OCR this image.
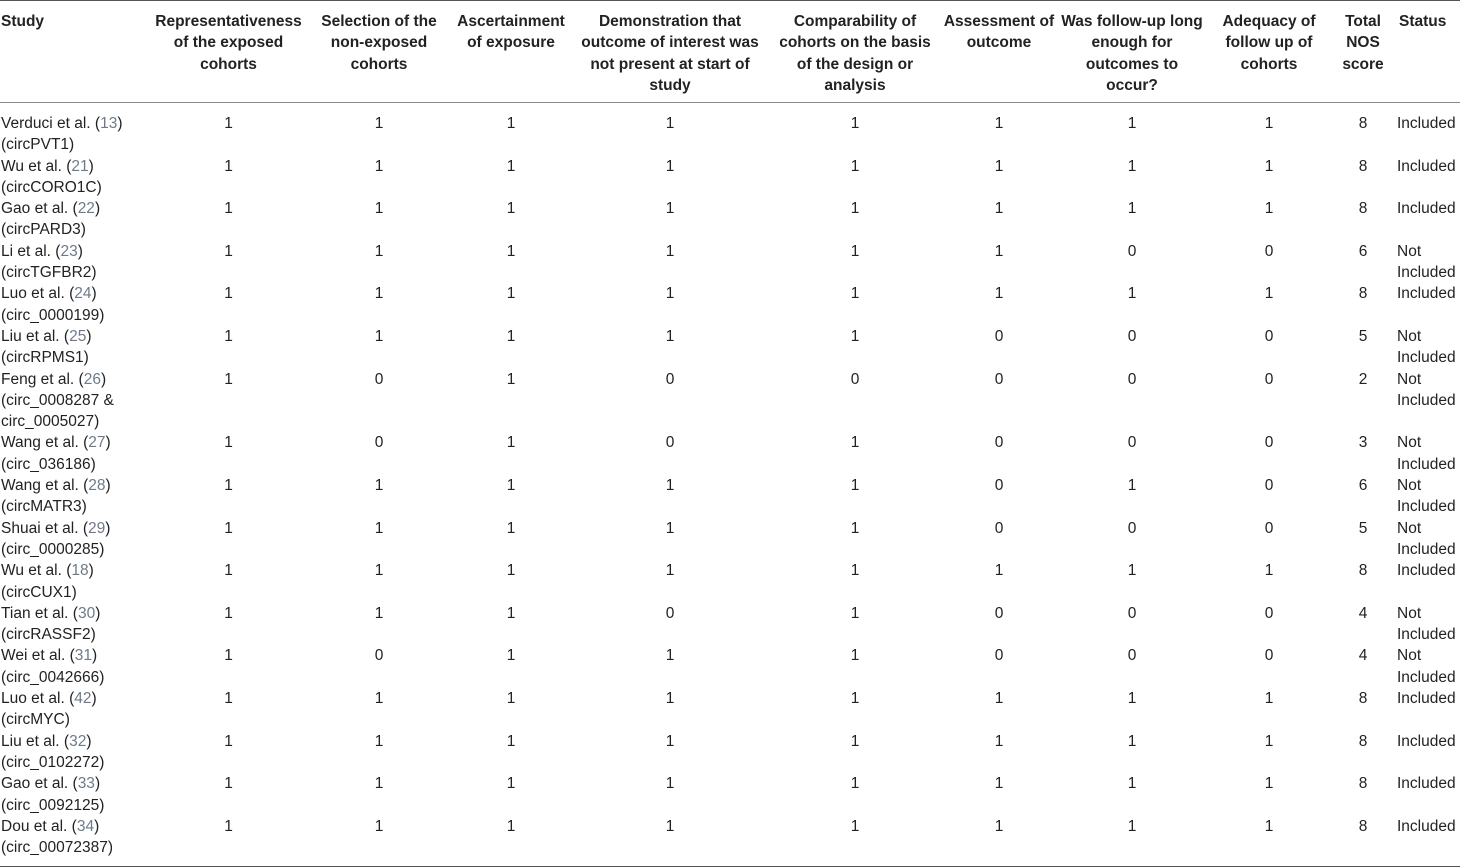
Study	Representativeness of the exposed cohorts	Selection of the non-exposed cohorts	Ascertainment of exposure	Demonstration that outcome of interest was not present at start of study	Comparability of cohorts on the basis of the design or analysis	Assessment of outcome	Was follow-up long enough for outcomes to occur?	Adequacy of follow up of cohorts	Total NOS score	Status
Verduci et al. (13)
(circPVT1)	1	1	1	1	1	1	1	1	8	Included
Wu et al. (21)
(circCORO1C)	1	1	1	1	1	1	1	1	8	Included
Gao et al. (22)
(circPARD3)	1	1	1	1	1	1	1	1	8	Included
Li et al. (23)
(circTGFBR2)	1	1	1	1	1	1	0	0	6	Not Included
Luo et al. (24)
(circ_0000199)	1	1	1	1	1	1	1	1	8	Included
Liu et al. (25)
(circRPMS1)	1	1	1	1	1	0	0	0	5	Not Included
Feng et al. (26)
(circ_0008287 & circ_0005027)	1	0	1	0	0	0	0	0	2	Not Included
Wang et al. (27)
(circ_036186)	1	0	1	0	1	0	0	0	3	Not Included
Wang et al. (28)
(circMATR3)	1	1	1	1	1	0	1	0	6	Not Included
Shuai et al. (29)
(circ_0000285)	1	1	1	1	1	0	0	0	5	Not Included
Wu et al. (18)
(circCUX1)	1	1	1	1	1	1	1	1	8	Included
Tian et al. (30)
(circRASSF2)	1	1	1	0	1	0	0	0	4	Not Included
Wei et al. (31)
(circ_0042666)	1	0	1	1	1	0	0	0	4	Not Included
Luo et al. (42)
(circMYC)	1	1	1	1	1	1	1	1	8	Included
Liu et al. (32)
(circ_0102272)	1	1	1	1	1	1	1	1	8	Included
Gao et al. (33)
(circ_0092125)	1	1	1	1	1	1	1	1	8	Included
Dou et al. (34)
(circ_00072387)	1	1	1	1	1	1	1	1	8	Included
